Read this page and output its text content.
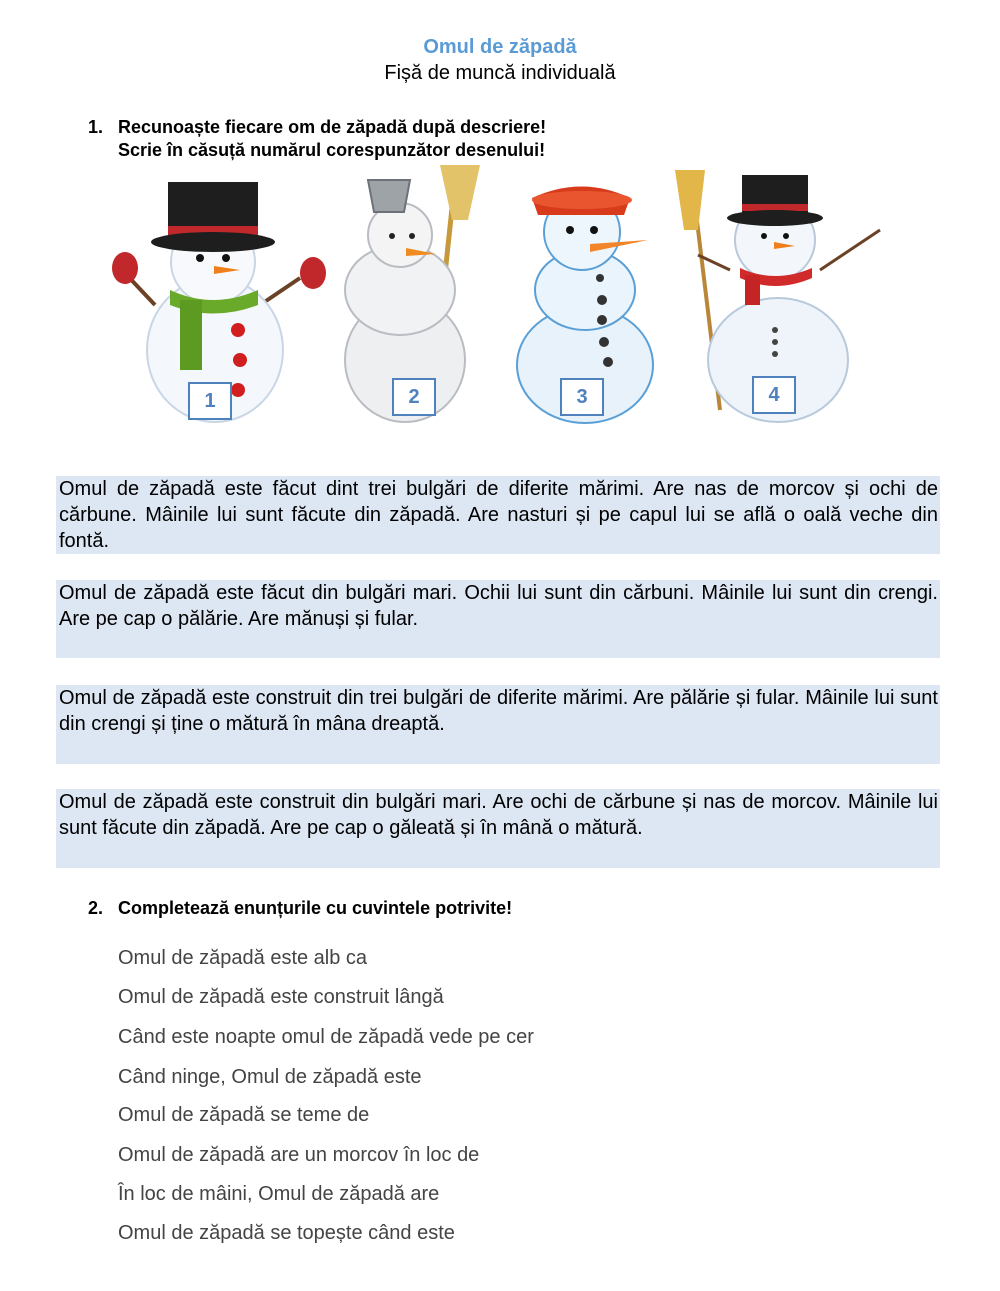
Omul de zăpadă
Fișă de muncă individuală
1. Recunoaște fiecare om de zăpadă după descriere!
Scrie în căsuță numărul corespunzător desenului!
1	2	3	4
Omul de zăpadă este făcut dint trei bulgări de diferite mărimi. Are nas de morcov și ochi de cărbune. Mâinile lui sunt făcute din zăpadă. Are nasturi și pe capul lui se află o oală veche din fontă.
Omul de zăpadă este făcut din bulgări mari. Ochii lui sunt din cărbuni. Mâinile lui sunt din crengi. Are pe cap o pălărie. Are mănuși și fular.
Omul de zăpadă este construit din trei bulgări de diferite mărimi. Are pălărie și fular. Mâinile lui sunt din crengi și ține o mătură în mâna dreaptă.
Omul de zăpadă este construit din bulgări mari. Are ochi de cărbune și nas de morcov. Mâinile lui sunt făcute din zăpadă. Are pe cap o găleată și în mână o mătură.
2. Completează enunțurile cu cuvintele potrivite!
Omul de zăpadă este alb ca
Omul de zăpadă este construit lângă
Când este noapte omul de zăpadă vede pe cer
Când ninge, Omul de zăpadă este
Omul de zăpadă se teme de
Omul de zăpadă are un morcov în loc de
În loc de mâini, Omul de zăpadă are
Omul de zăpadă se topește când este
